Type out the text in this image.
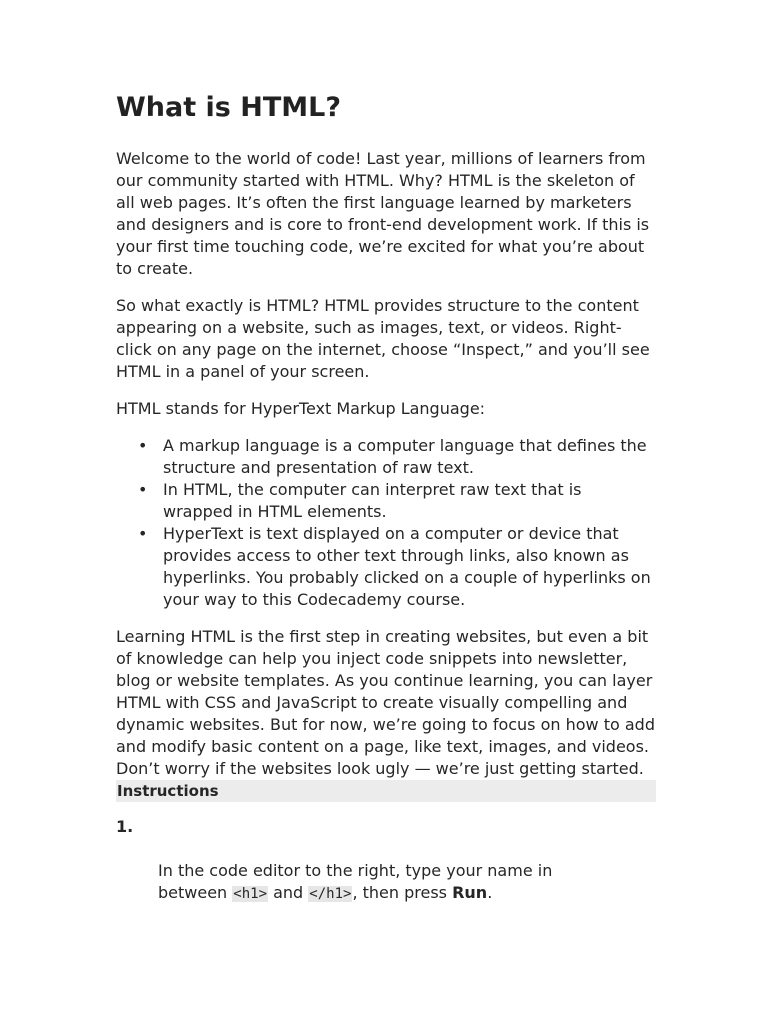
What is HTML?

Welcome to the world of code! Last year, millions of learners from our community started with HTML. Why? HTML is the skeleton of all web pages. It’s often the first language learned by marketers and designers and is core to front-end development work. If this is your first time touching code, we’re excited for what you’re about to create.

So what exactly is HTML? HTML provides structure to the content appearing on a website, such as images, text, or videos. Right-click on any page on the internet, choose “Inspect,” and you’ll see HTML in a panel of your screen.

HTML stands for HyperText Markup Language:

• A markup language is a computer language that defines the structure and presentation of raw text.
• In HTML, the computer can interpret raw text that is wrapped in HTML elements.
• HyperText is text displayed on a computer or device that provides access to other text through links, also known as hyperlinks. You probably clicked on a couple of hyperlinks on your way to this Codecademy course.

Learning HTML is the first step in creating websites, but even a bit of knowledge can help you inject code snippets into newsletter, blog or website templates. As you continue learning, you can layer HTML with CSS and JavaScript to create visually compelling and dynamic websites. But for now, we’re going to focus on how to add and modify basic content on a page, like text, images, and videos. Don’t worry if the websites look ugly — we’re just getting started.

Instructions
1.
In the code editor to the right, type your name in between <h1> and </h1>, then press Run.
